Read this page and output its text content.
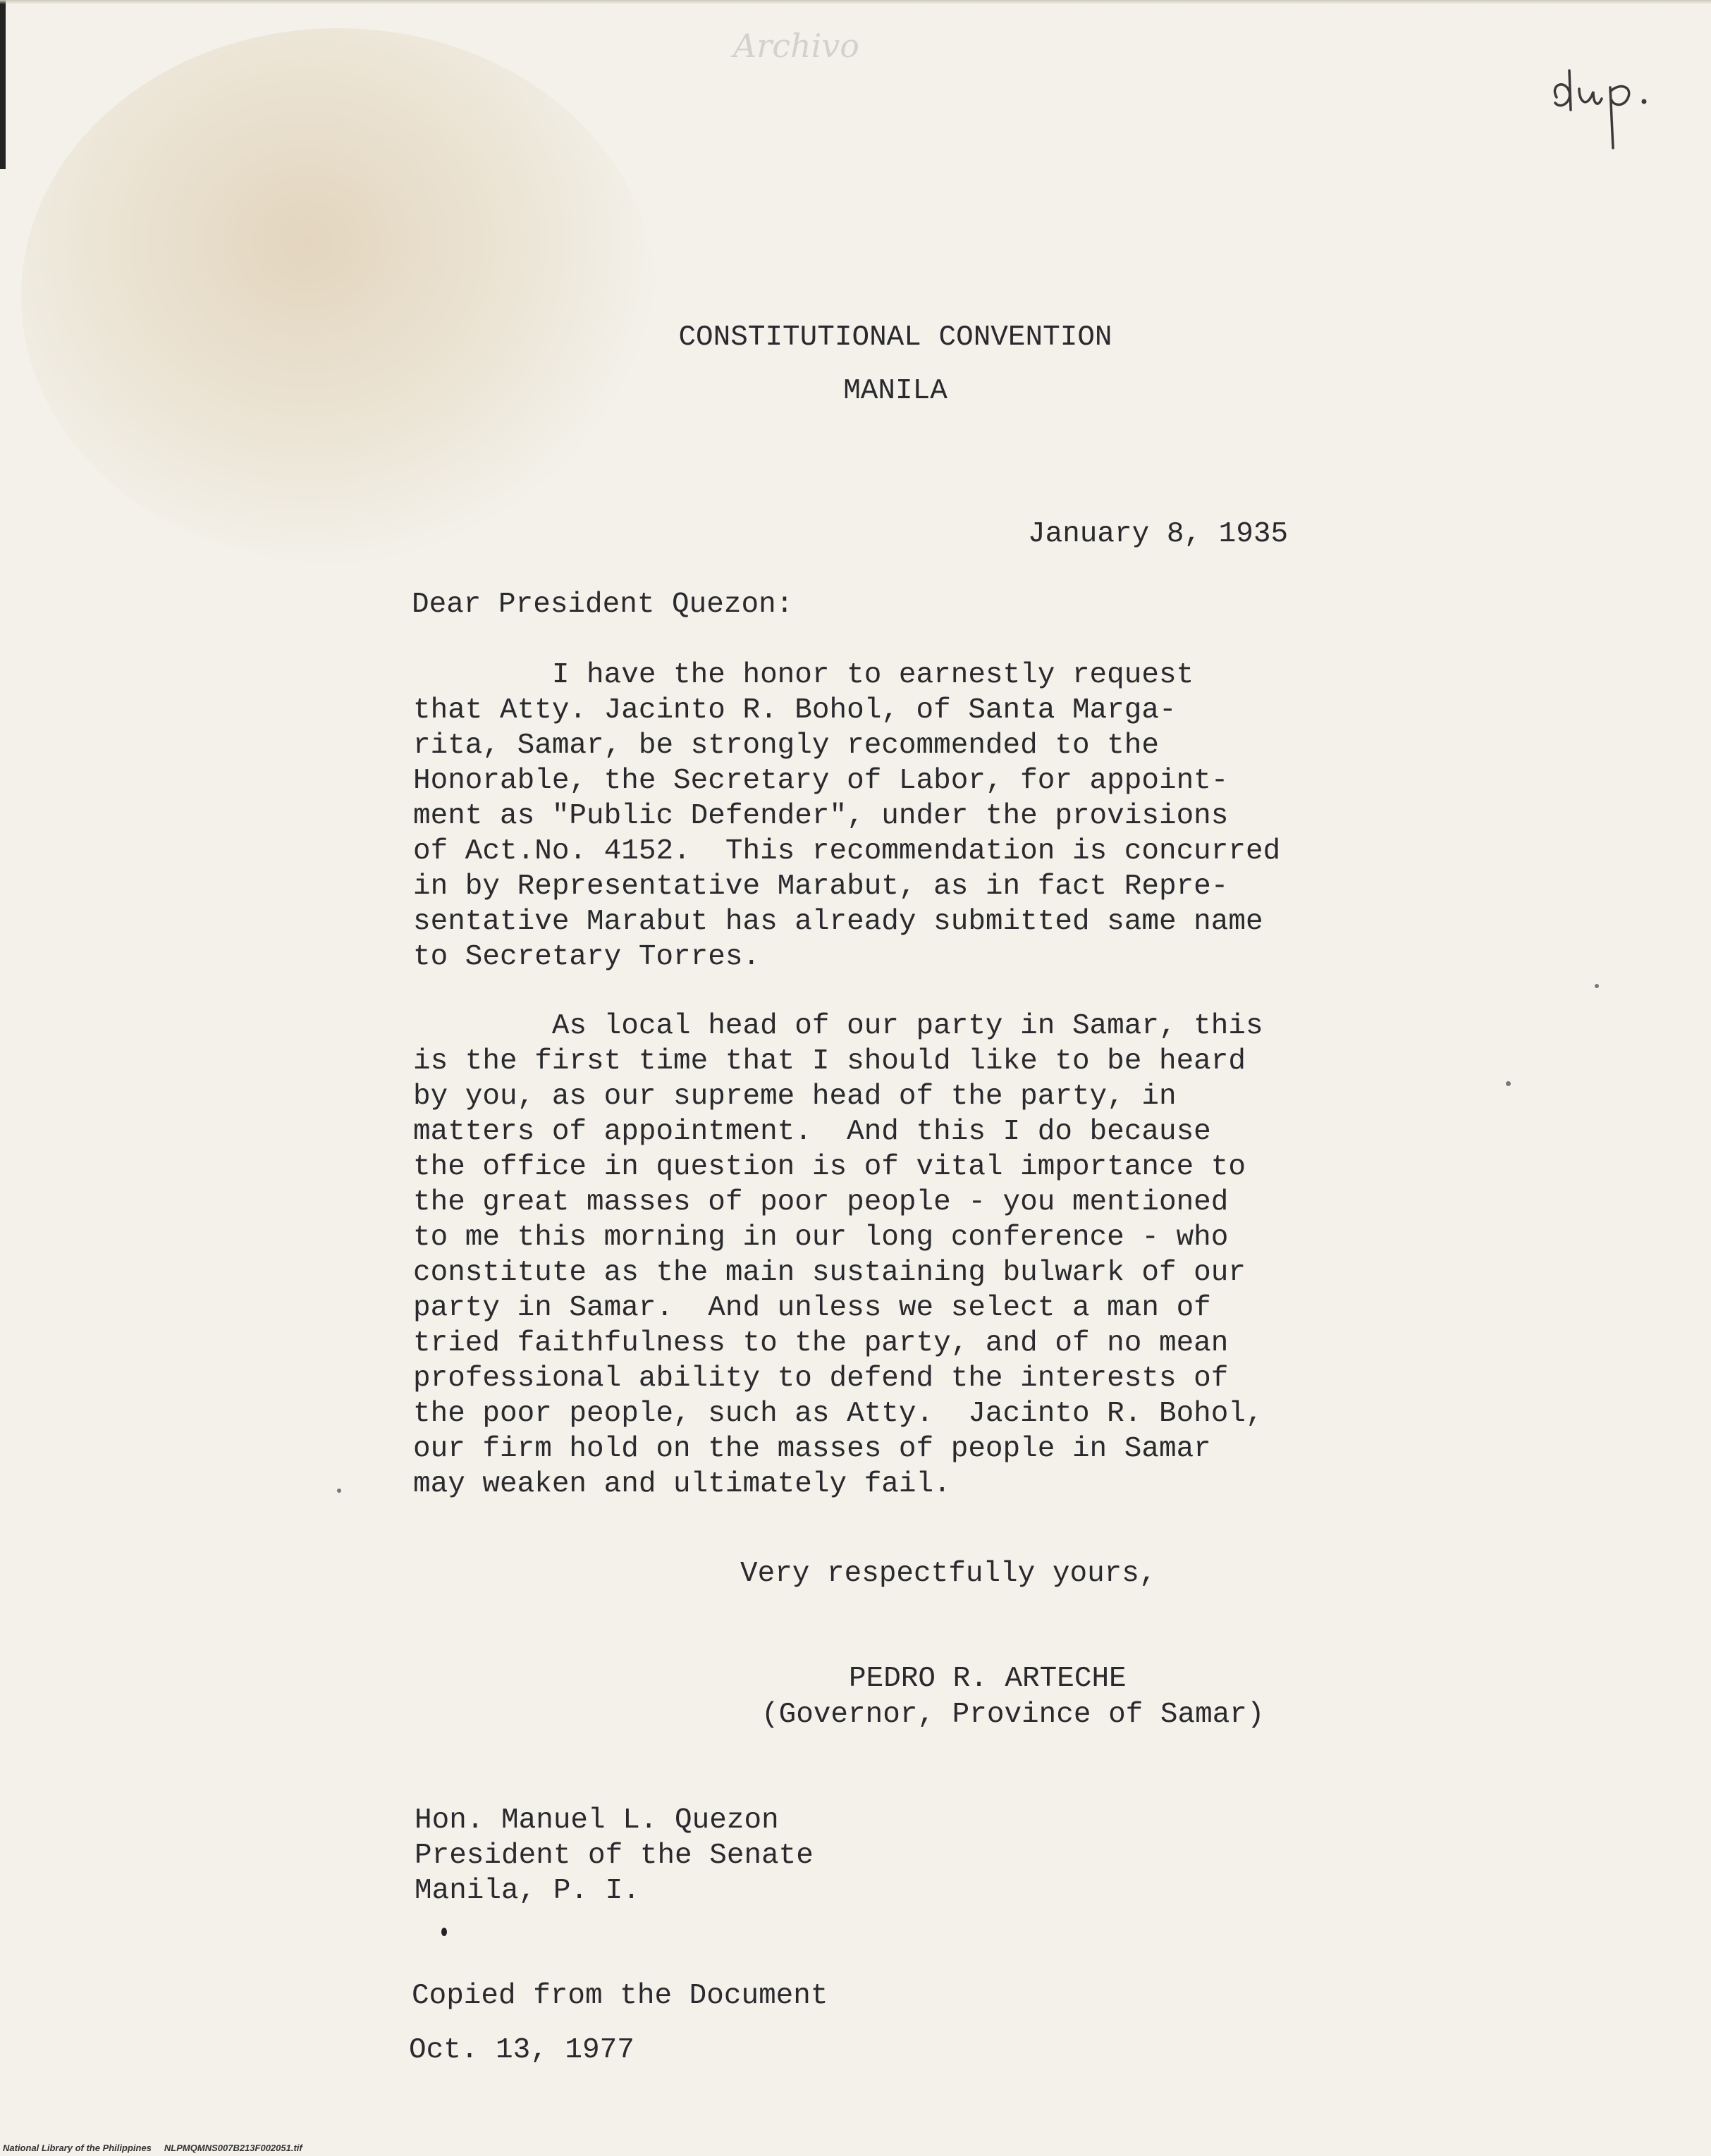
Archivo
CONSTITUTIONAL CONVENTION
MANILA
January 8, 1935
Dear President Quezon:
I have the honor to earnestly request
that Atty. Jacinto R. Bohol, of Santa Marga-
rita, Samar, be strongly recommended to the
Honorable, the Secretary of Labor, for appoint-
ment as "Public Defender", under the provisions
of Act.No. 4152.  This recommendation is concurred
in by Representative Marabut, as in fact Repre-
sentative Marabut has already submitted same name
to Secretary Torres.
As local head of our party in Samar, this
is the first time that I should like to be heard
by you, as our supreme head of the party, in
matters of appointment.  And this I do because
the office in question is of vital importance to
the great masses of poor people - you mentioned
to me this morning in our long conference - who
constitute as the main sustaining bulwark of our
party in Samar.  And unless we select a man of
tried faithfulness to the party, and of no mean
professional ability to defend the interests of
the poor people, such as Atty.  Jacinto R. Bohol,
our firm hold on the masses of people in Samar
may weaken and ultimately fail.
Very respectfully yours,
PEDRO R. ARTECHE
(Governor, Province of Samar)
Hon. Manuel L. Quezon
President of the Senate
Manila, P. I.
Copied from the Document
Oct. 13, 1977
National Library of the Philippines NLPMQMNS007B213F002051.tif
